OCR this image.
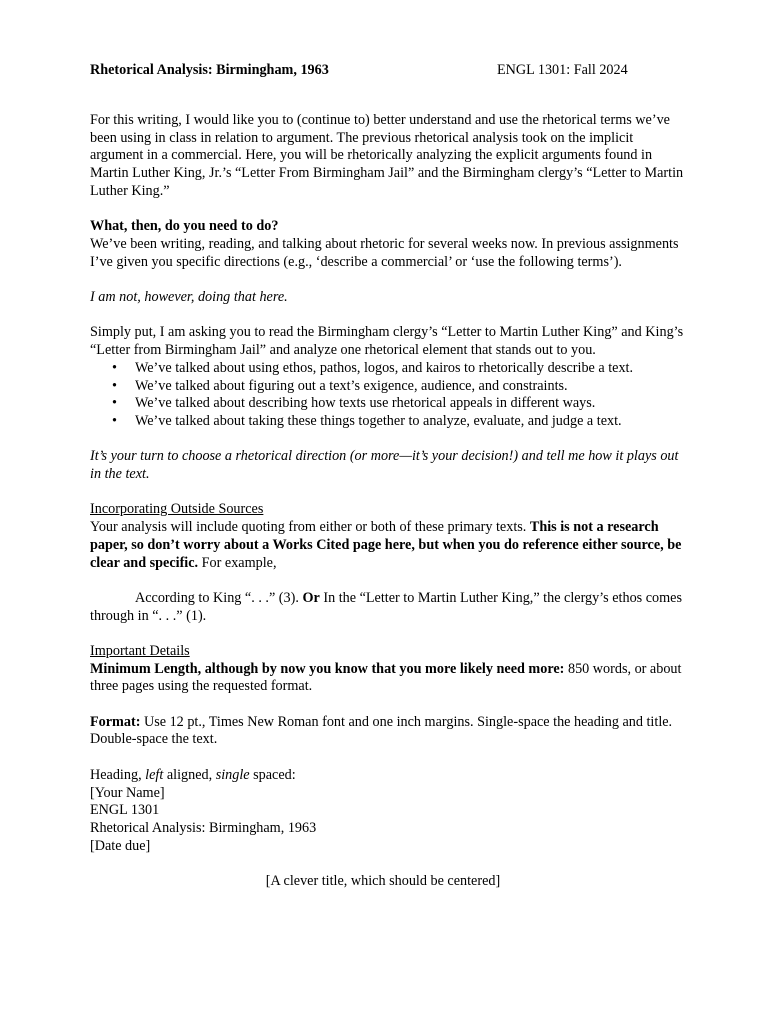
Rhetorical Analysis: Birmingham, 1963	ENGL 1301: Fall 2024

For this writing, I would like you to (continue to) better understand and use the rhetorical terms we’ve been using in class in relation to argument. The previous rhetorical analysis took on the implicit argument in a commercial. Here, you will be rhetorically analyzing the explicit arguments found in Martin Luther King, Jr.’s “Letter From Birmingham Jail” and the Birmingham clergy’s “Letter to Martin Luther King.”

What, then, do you need to do?

We’ve been writing, reading, and talking about rhetoric for several weeks now. In previous assignments I’ve given you specific directions (e.g., ‘describe a commercial’ or ‘use the following terms’).

I am not, however, doing that here.

Simply put, I am asking you to read the Birmingham clergy’s “Letter to Martin Luther King” and King’s “Letter from Birmingham Jail” and analyze one rhetorical element that stands out to you.

• We’ve talked about using ethos, pathos, logos, and kairos to rhetorically describe a text.
• We’ve talked about figuring out a text’s exigence, audience, and constraints.
• We’ve talked about describing how texts use rhetorical appeals in different ways.
• We’ve talked about taking these things together to analyze, evaluate, and judge a text.

It’s your turn to choose a rhetorical direction (or more—it’s your decision!) and tell me how it plays out in the text.

Incorporating Outside Sources

Your analysis will include quoting from either or both of these primary texts. This is not a research paper, so don’t worry about a Works Cited page here, but when you do reference either source, be clear and specific. For example,

According to King “. . .” (3). Or In the “Letter to Martin Luther King,” the clergy’s ethos comes through in “. . .” (1).

Important Details

Minimum Length, although by now you know that you more likely need more: 850 words, or about three pages using the requested format.

Format: Use 12 pt., Times New Roman font and one inch margins. Single-space the heading and title. Double-space the text.

Heading, left aligned, single spaced:

[Your Name]

ENGL 1301

Rhetorical Analysis: Birmingham, 1963

[Date due]

[A clever title, which should be centered]
